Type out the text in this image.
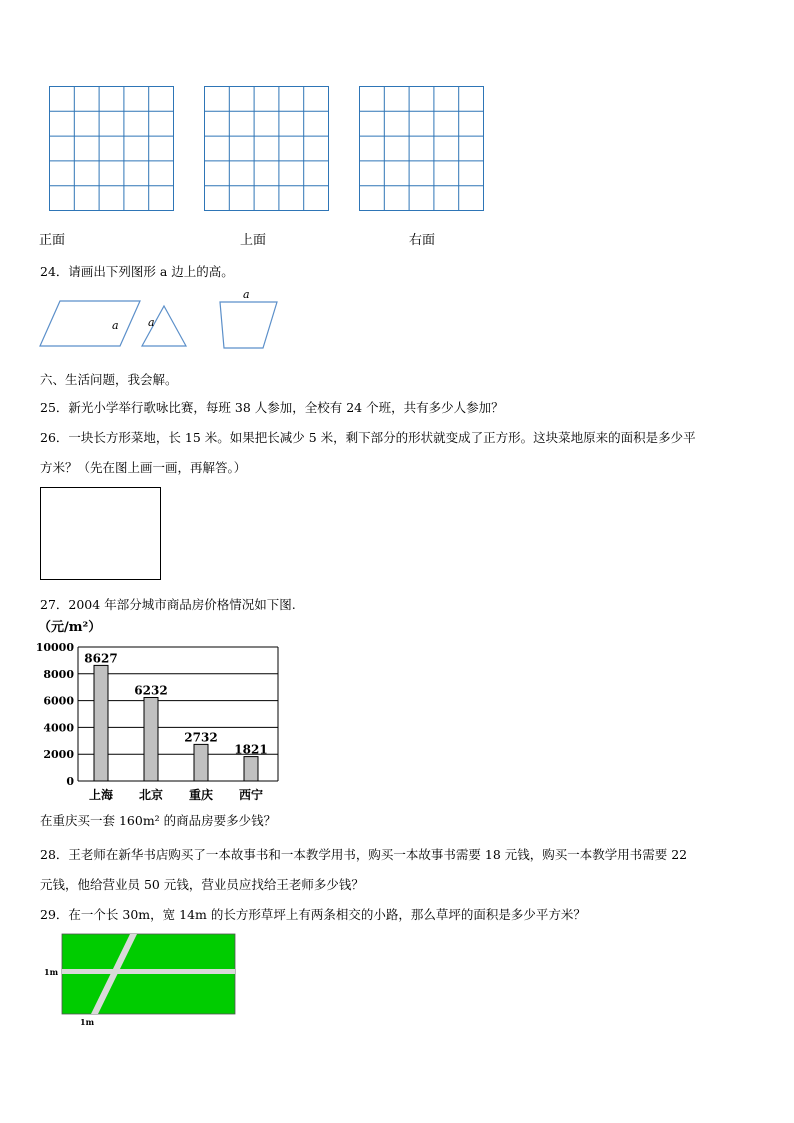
正面	上面	右面
24．请画出下列图形 a 边上的高。
a	a
a
六、生活问题，我会解。
25．新光小学举行歌咏比赛，每班 38 人参加，全校有 24 个班，共有多少人参加？
26．一块长方形菜地，长 15 米。如果把长减少 5 米，剩下部分的形状就变成了正方形。这块菜地原来的面积是多少平
方米？（先在图上画一画，再解答。）
27．2004 年部分城市商品房价格情况如下图.
（元/m²）
0
2000
4000
6000
8000
10000
8627
上海
6232
北京
2732
重庆
1821
西宁
在重庆买一套 160m² 的商品房要多少钱？
28．王老师在新华书店购买了一本故事书和一本教学用书，购买一本故事书需要 18 元钱，购买一本教学用书需要 22
元钱，他给营业员 50 元钱，营业员应找给王老师多少钱？
29．在一个长 30m，宽 14m 的长方形草坪上有两条相交的小路，那么草坪的面积是多少平方米？
1m
1m
